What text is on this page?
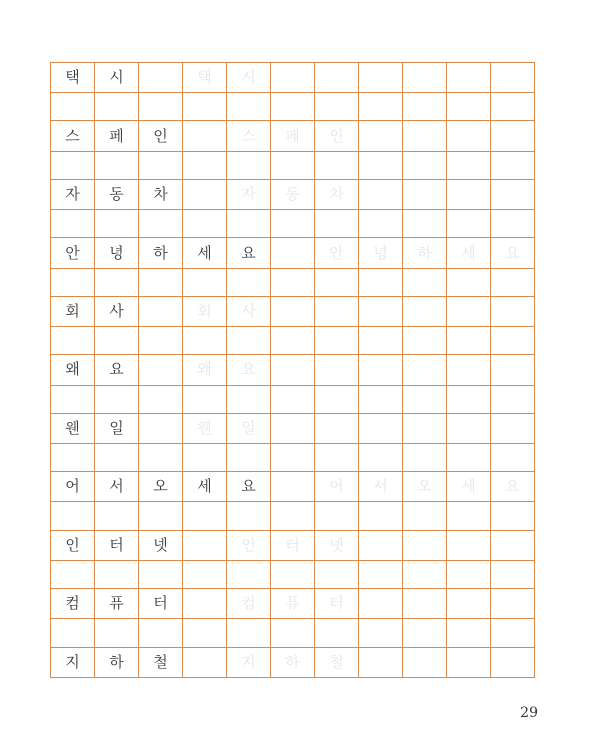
택	시		택	시						

스	페	인		스	페	인				

자	동	차		자	동	차				

안	녕	하	세	요		안	녕	하	세	요

회	사		회	사						

왜	요		왜	요						

웬	일		웬	일						

어	서	오	세	요		어	서	오	세	요

인	터	넷		인	터	넷				

컴	퓨	터		컴	퓨	터				

지	하	철		지	하	철				
29
